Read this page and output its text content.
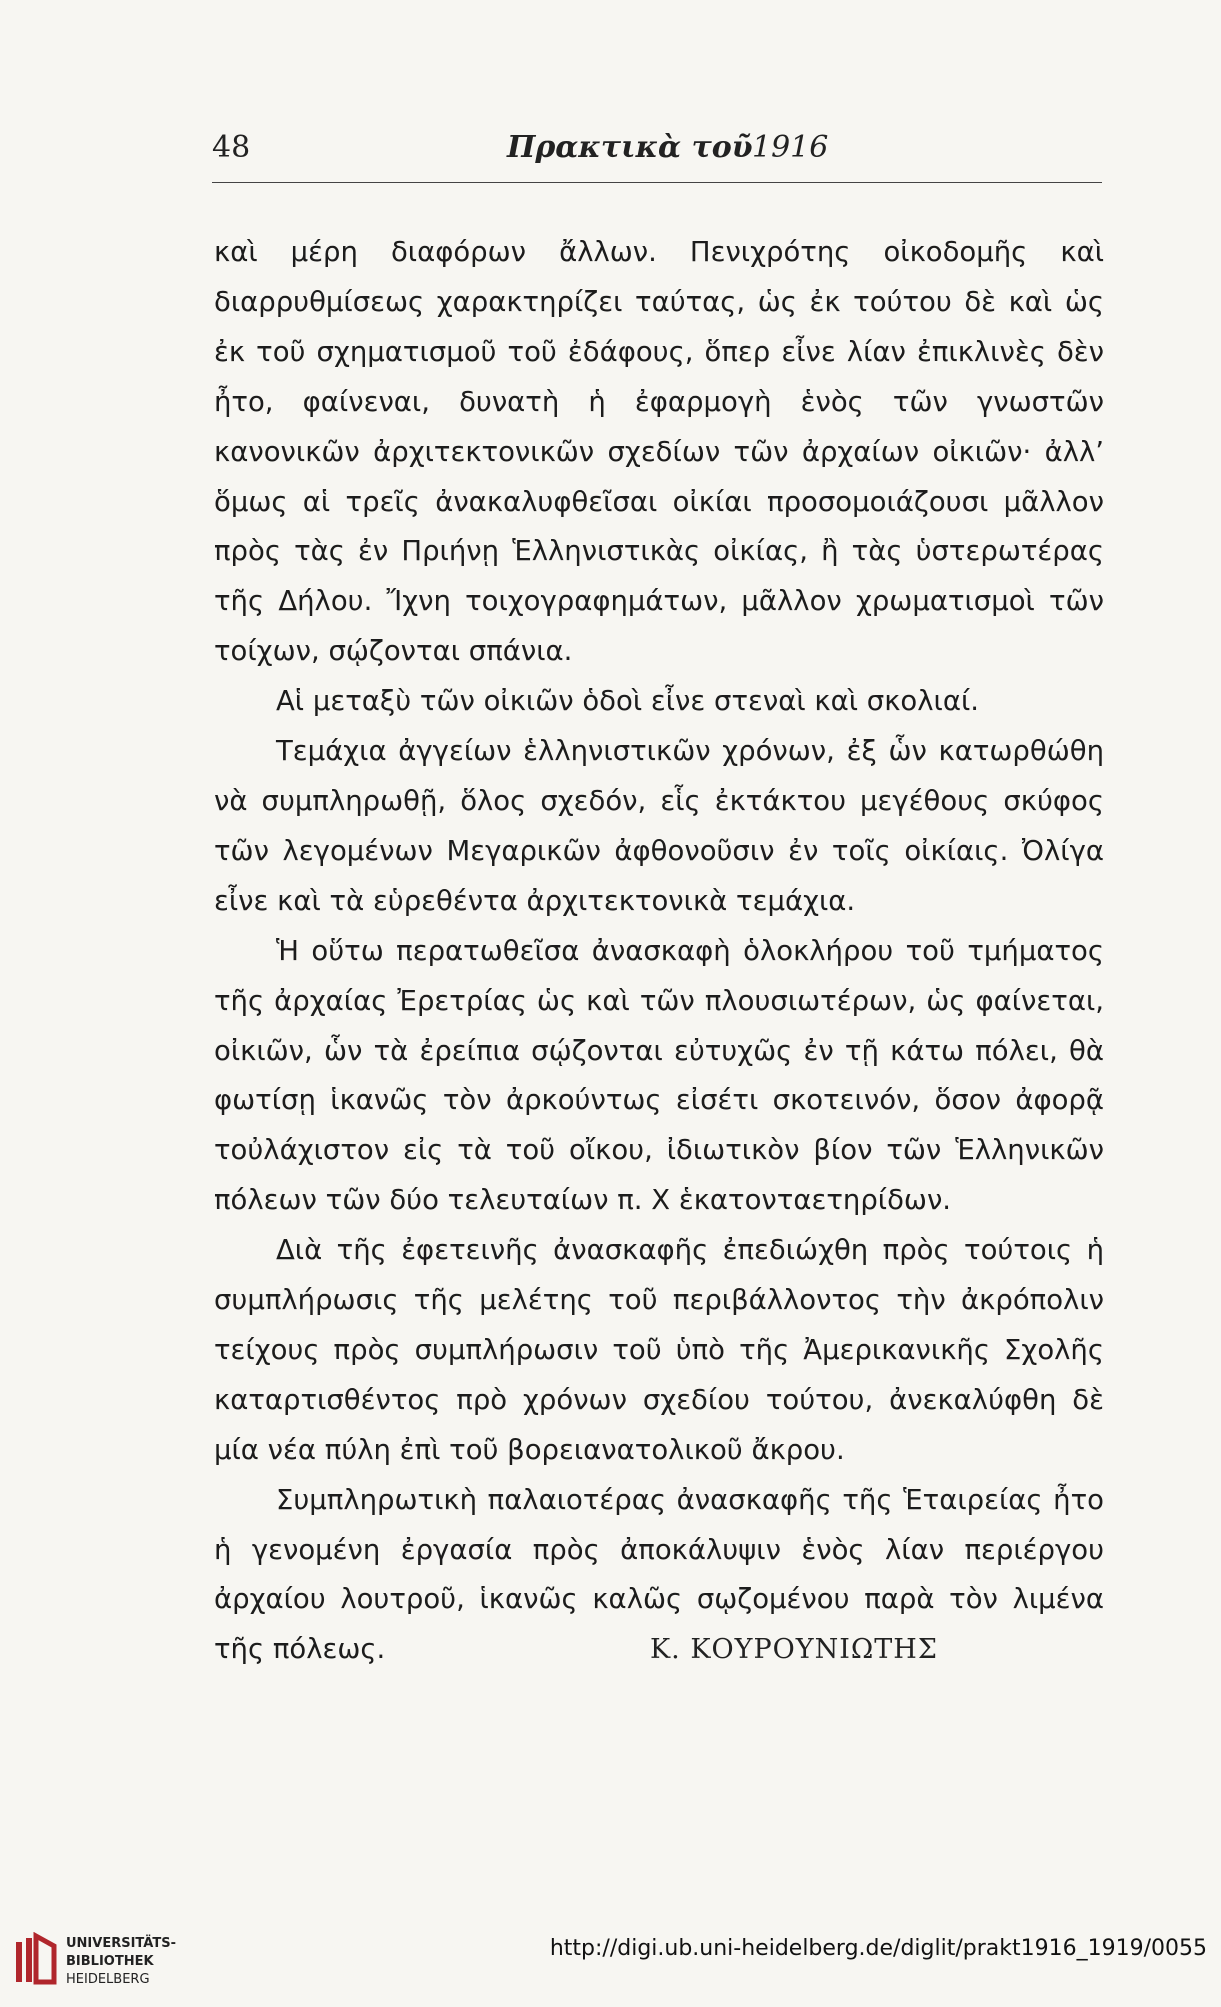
48	Πρακτικὰ τοῦ 1916

καὶ μέρη διαφόρων ἄλλων. Πενιχρότης οἰκοδομῆς καὶ διαρρυθμίσεως χαρακτηρίζει ταύτας, ὡς ἐκ τούτου δὲ καὶ ὡς ἐκ τοῦ σχηματισμοῦ τοῦ ἐδάφους, ὅπερ εἶνε λίαν ἐπικλινὲς δὲν ἦτο, φαίνεναι, δυνατὴ ἡ ἐφαρμογὴ ἑνὸς τῶν γνωστῶν κανονικῶν ἀρχιτεκτονικῶν σχεδίων τῶν ἀρχαίων οἰκιῶν· ἀλλ’ ὅμως αἱ τρεῖς ἀνακαλυφθεῖσαι οἰκίαι προσομοιάζουσι μᾶλλον πρὸς τὰς ἐν Πριήνῃ Ἑλληνιστικὰς οἰκίας, ἢ τὰς ὑστερωτέρας τῆς Δήλου. Ἴχνη τοιχογραφημάτων, μᾶλλον χρωματισμοὶ τῶν τοίχων, σῴζονται σπάνια.

Αἱ μεταξὺ τῶν οἰκιῶν ὁδοὶ εἶνε στεναὶ καὶ σκολιαί.

Τεμάχια ἀγγείων ἑλληνιστικῶν χρόνων, ἐξ ὧν κατωρθώθη νὰ συμπληρωθῇ, ὅλος σχεδόν, εἷς ἐκτάκτου μεγέθους σκύφος τῶν λεγομένων Μεγαρικῶν ἀφθονοῦσιν ἐν τοῖς οἰκίαις. Ὀλίγα εἶνε καὶ τὰ εὑρεθέντα ἀρχιτεκτονικὰ τεμάχια.

Ἡ οὕτω περατωθεῖσα ἀνασκαφὴ ὁλοκλήρου τοῦ τμήματος τῆς ἀρχαίας Ἐρετρίας ὡς καὶ τῶν πλουσιωτέρων, ὡς φαίνεται, οἰκιῶν, ὧν τὰ ἐρείπια σῴζονται εὐτυχῶς ἐν τῇ κάτω πόλει, θὰ φωτίσῃ ἱκανῶς τὸν ἀρκούντως εἰσέτι σκοτεινόν, ὅσον ἀφορᾷ τοὐλάχιστον εἰς τὰ τοῦ οἴκου, ἰδιωτικὸν βίον τῶν Ἑλληνικῶν πόλεων τῶν δύο τελευταίων π. Χ ἑκατονταετηρίδων.

Διὰ τῆς ἐφετεινῆς ἀνασκαφῆς ἐπεδιώχθη πρὸς τούτοις ἡ συμπλήρωσις τῆς μελέτης τοῦ περιβάλλοντος τὴν ἀκρόπολιν τείχους πρὸς συμπλήρωσιν τοῦ ὑπὸ τῆς Ἀμερικανικῆς Σχολῆς καταρτισθέντος πρὸ χρόνων σχεδίου τούτου, ἀνεκαλύφθη δὲ μία νέα πύλη ἐπὶ τοῦ βορειανατολικοῦ ἄκρου.

Συμπληρωτικὴ παλαιοτέρας ἀνασκαφῆς τῆς Ἑταιρείας ἦτο ἡ γενομένη ἐργασία πρὸς ἀποκάλυψιν ἑνὸς λίαν περιέργου ἀρχαίου λουτροῦ, ἱκανῶς καλῶς σῳζομένου παρὰ τὸν λιμένα τῆς πόλεως.	Κ. ΚΟΥΡΟΥΝΙΩΤΗΣ
UNIVERSITÄTS-
BIBLIOTHEK
HEIDELBERG
http://digi.ub.uni-heidelberg.de/diglit/prakt1916_1919/0055
